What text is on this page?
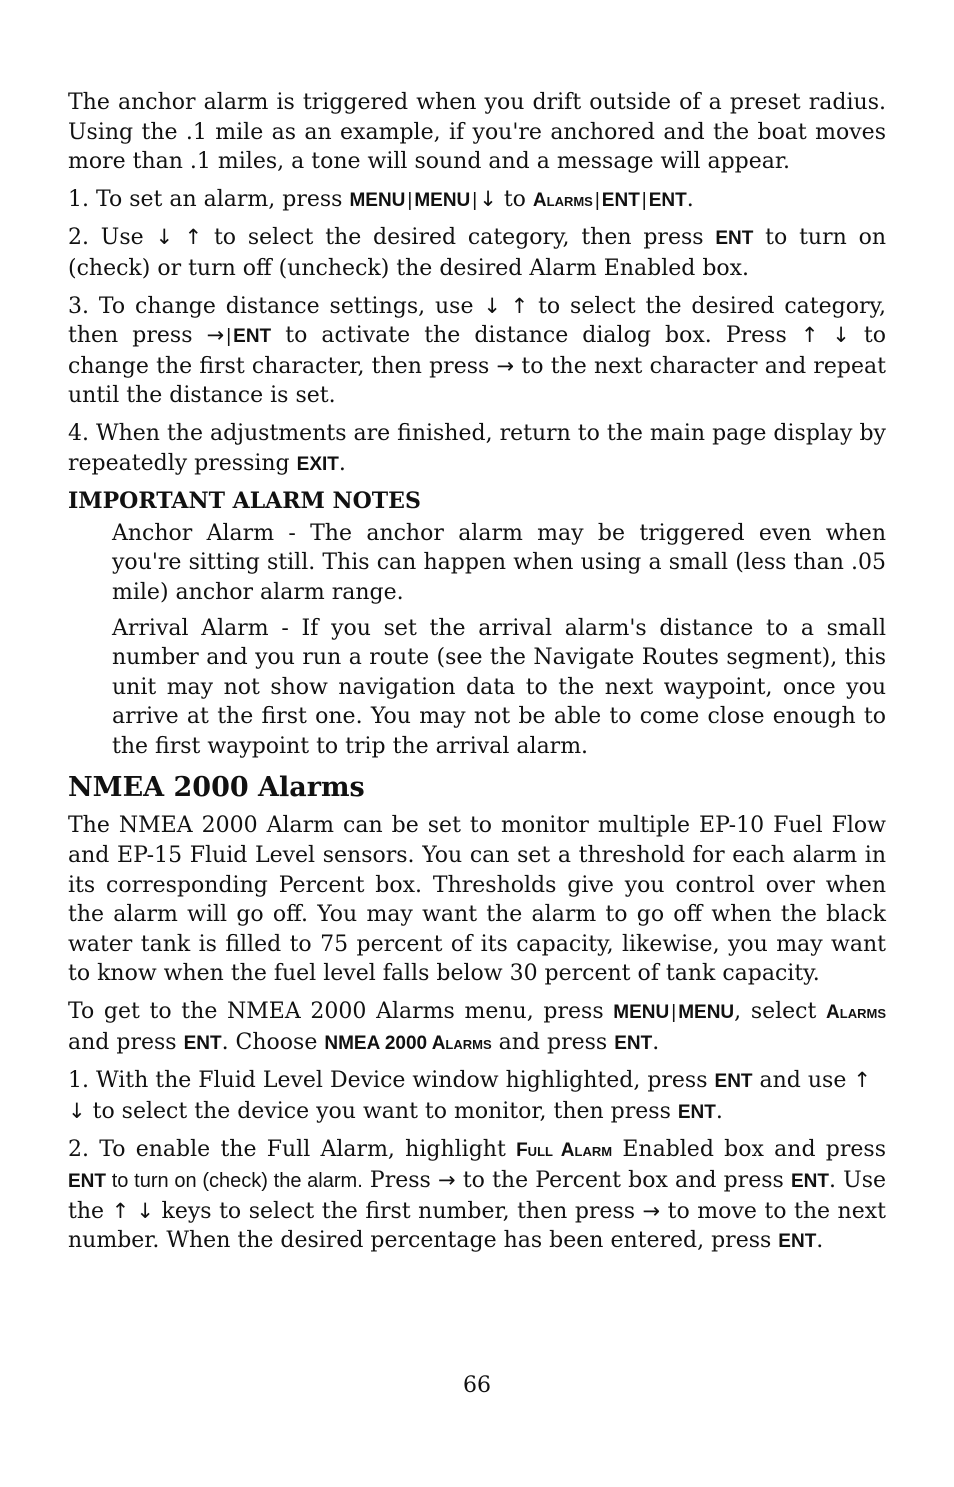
The anchor alarm is triggered when you drift outside of a preset radius. Using the .1 mile as an example, if you're anchored and the boat moves more than .1 miles, a tone will sound and a message will appear.

1. To set an alarm, press MENU | MENU |↓ to Alarms | ENT | ENT.

2. Use ↓ ↑ to select the desired category, then press ENT to turn on (check) or turn off (uncheck) the desired Alarm Enabled box.

3. To change distance settings, use ↓ ↑ to select the desired category, then press → | ENT to activate the distance dialog box. Press ↑ ↓ to change the first character, then press → to the next character and repeat until the distance is set.

4. When the adjustments are finished, return to the main page display by repeatedly pressing EXIT.

IMPORTANT ALARM NOTES

Anchor Alarm - The anchor alarm may be triggered even when you're sitting still. This can happen when using a small (less than .05 mile) anchor alarm range.

Arrival Alarm - If you set the arrival alarm's distance to a small number and you run a route (see the Navigate Routes segment), this unit may not show navigation data to the next waypoint, once you arrive at the first one. You may not be able to come close enough to the first waypoint to trip the arrival alarm.

NMEA 2000 Alarms

The NMEA 2000 Alarm can be set to monitor multiple EP-10 Fuel Flow and EP-15 Fluid Level sensors. You can set a threshold for each alarm in its corresponding Percent box. Thresholds give you control over when the alarm will go off. You may want the alarm to go off when the black water tank is filled to 75 percent of its capacity, likewise, you may want to know when the fuel level falls below 30 percent of tank capacity.

To get to the NMEA 2000 Alarms menu, press MENU | MENU, select Alarms and press ENT. Choose NMEA 2000 Alarms and press ENT.

1. With the Fluid Level Device window highlighted, press ENT and use ↑ ↓ to select the device you want to monitor, then press ENT.

2. To enable the Full Alarm, highlight Full Alarm Enabled box and press ENT to turn on (check) the alarm. Press → to the Percent box and press ENT. Use the ↑ ↓ keys to select the first number, then press → to move to the next number. When the desired percentage has been entered, press ENT.

66
